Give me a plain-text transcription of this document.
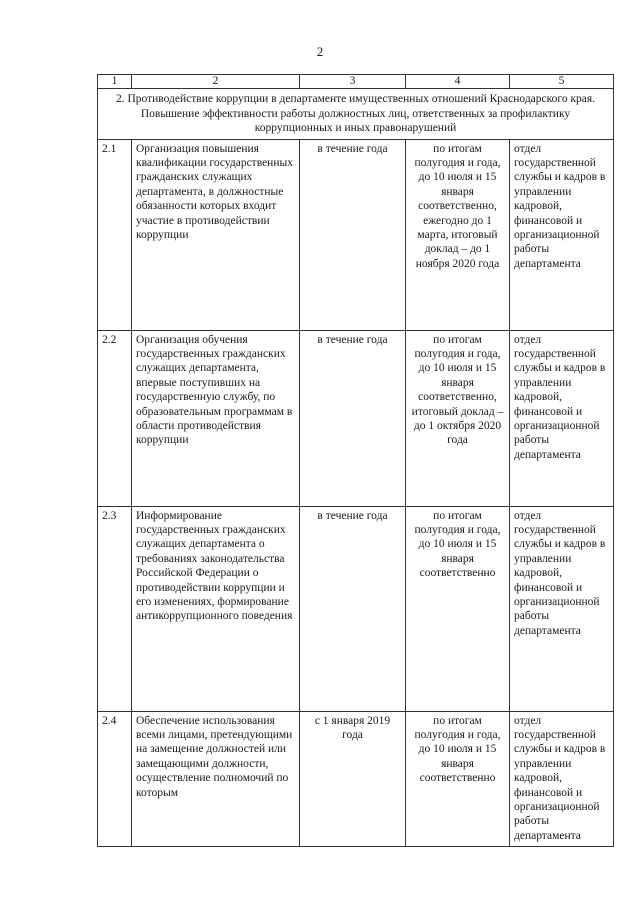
2
1	2	3	4	5
2. Противодействие коррупции в департаменте имущественных отношений Краснодарского края. Повышение эффективности работы должностных лиц, ответственных за профилактику коррупционных и иных правонарушений				
2.1	Организация повышения квалификации государственных гражданских служащих департамента, в должностные обязанности которых входит участие в противодействии коррупции	в течение года	по итогам полугодия и года, до 10 июля и 15 января соответственно, ежегодно до 1 марта, итоговый доклад – до 1 ноября 2020 года	отдел государственной службы и кадров в управлении кадровой, финансовой и организационной работы департамента
2.2	Организация обучения государственных гражданских служащих департамента, впервые поступивших на государственную службу, по образовательным программам в области противодействия коррупции	в течение года	по итогам полугодия и года, до 10 июля и 15 января соответственно, итоговый доклад – до 1 октября 2020 года	отдел государственной службы и кадров в управлении кадровой, финансовой и организационной работы департамента
2.3	Информирование государственных гражданских служащих департамента о требованиях законодательства Российской Федерации о противодействии коррупции и его изменениях, формирование антикоррупционного поведения	в течение года	по итогам полугодия и года, до 10 июля и 15 января соответственно	отдел государственной службы и кадров в управлении кадровой, финансовой и организационной работы департамента
2.4	Обеспечение использования всеми лицами, претендующими на замещение должностей или замещающими должности, осуществление полномочий по которым	с 1 января 2019 года	по итогам полугодия и года, до 10 июля и 15 января соответственно	отдел государственной службы и кадров в управлении кадровой, финансовой и организационной работы департамента
